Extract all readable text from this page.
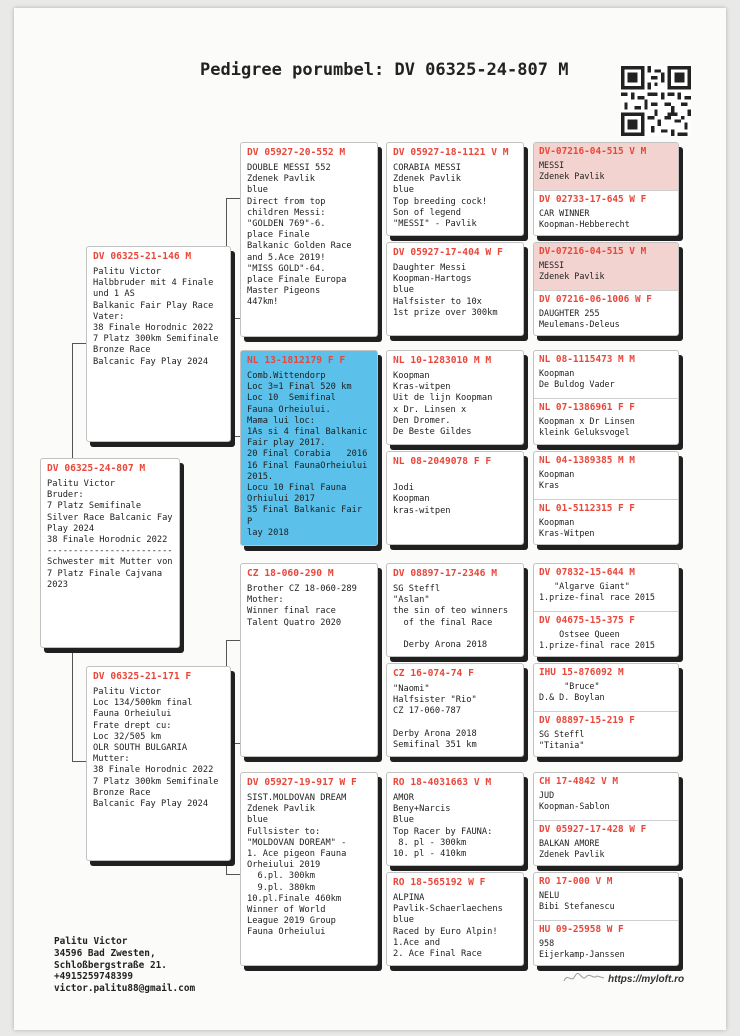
Pedigree porumbel: DV 06325-24-807 M
DV 06325-24-807 M
Palitu Victor
Bruder:
7 Platz Semifinale
Silver Race Balcanic Fay
Play 2024
38 Finale Horodnic 2022
------------------------
Schwester mit Mutter von
7 Platz Finale Cajvana
2023
DV 06325-21-146 M
Palitu Victor
Halbbruder mit 4 Finale
und 1 AS
Balkanic Fair Play Race
Vater:
38 Finale Horodnic 2022
7 Platz 300km Semifinale
Bronze Race
Balcanic Fay Play 2024
DV 06325-21-171 F
Palitu Victor
Loc 134/500km final
Fauna Orheiului
Frate drept cu:
Loc 32/505 km
OLR SOUTH BULGARIA
Mutter:
38 Finale Horodnic 2022
7 Platz 300km Semifinale
Bronze Race
Balcanic Fay Play 2024
DV 05927-20-552 M
DOUBLE MESSI 552
Zdenek Pavlik
blue
Direct from top
children Messi:
"GOLDEN 769"-6.
place Finale
Balkanic Golden Race
and 5.Ace 2019!
"MISS GOLD"-64.
place Finale Europa
Master Pigeons
447km!
NL 13-1812179 F F
Comb.Wittendorp
Loc 3=1 Final 520 km
Loc 10  Semifinal
Fauna Orheiului.
Mama lui loc:
1As si 4 final Balkanic
Fair play 2017.
20 Final Corabia   2016
16 Final FaunaOrheiului
2015.
Locu 10 Final Fauna
Orhiului 2017
35 Final Balkanic Fair P
lay 2018
CZ 18-060-290 M
Brother CZ 18-060-289
Mother:
Winner final race
Talent Quatro 2020
DV 05927-19-917 W F
SIST.MOLDOVAN DREAM
Zdenek Pavlik
blue
Fullsister to:
"MOLDOVAN DOREAM" -
1. Ace pigeon Fauna
Orheiului 2019
6.pl. 300km
9.pl. 380km
10.pl.Finale 460km
Winner of World
League 2019 Group
Fauna Orheiului
DV 05927-18-1121 V M
CORABIA MESSI
Zdenek Pavlik
blue
Top breeding cock!
Son of legend
"MESSI" - Pavlik
DV 05927-17-404 W F
Daughter Messi
Koopman-Hartogs
blue
Halfsister to 10x
1st prize over 300km
NL 10-1283010 M M
Koopman
Kras-witpen
Uit de lijn Koopman
x Dr. Linsen x
Den Dromer.
De Beste Gildes
NL 08-2049078 F F

Jodi
Koopman
kras-witpen
DV 08897-17-2346 M
SG Steffl
"Aslan"
the sin of teo winners
of the final Race

Derby Arona 2018
CZ 16-074-74 F
"Naomi"
Halfsister "Rio"
CZ 17-060-787

Derby Arona 2018
Semifinal 351 km
RO 18-4031663 V M
AMOR
Beny+Narcis
Blue
Top Racer by FAUNA:
8. pl - 300km
10. pl - 410km
RO 18-565192 W F
ALPINA
Pavlik-Schaerlaechens
blue
Raced by Euro Alpin!
1.Ace and
2. Ace Final Race
DV-07216-04-515 V M
MESSI
Zdenek Pavlik
DV 02733-17-645 W F
CAR WINNER
Koopman-Hebberecht
DV-07216-04-515 V M
MESSI
Zdenek Pavlik
DV 07216-06-1006 W F
DAUGHTER 255
Meulemans-Deleus
NL 08-1115473 M M
Koopman
De Buldog Vader
NL 07-1386961 F F
Koopman x Dr Linsen
kleink Geluksvogel
NL 04-1389385 M M
Koopman
Kras
NL 01-5112315 F F
Koopman
Kras-Witpen
DV 07832-15-644 M
"Algarve Giant"
1.prize-final race 2015
DV 04675-15-375 F
Ostsee Queen
1.prize-final race 2015
IHU 15-876092 M
"Bruce"
D.& D. Boylan
DV 08897-15-219 F
SG Steffl
"Titania"
CH 17-4842 V M
JUD
Koopman-Sablon
DV 05927-17-428 W F
BALKAN AMORE
Zdenek Pavlik
RO 17-000 V M
NELU
Bibi Stefanescu
HU 09-25958 W F
958
Eijerkamp-Janssen
Palitu Victor
34596 Bad Zwesten,
Schloßbergstraße 21.
+4915259748399
victor.palitu88@gmail.com
https://myloft.ro
